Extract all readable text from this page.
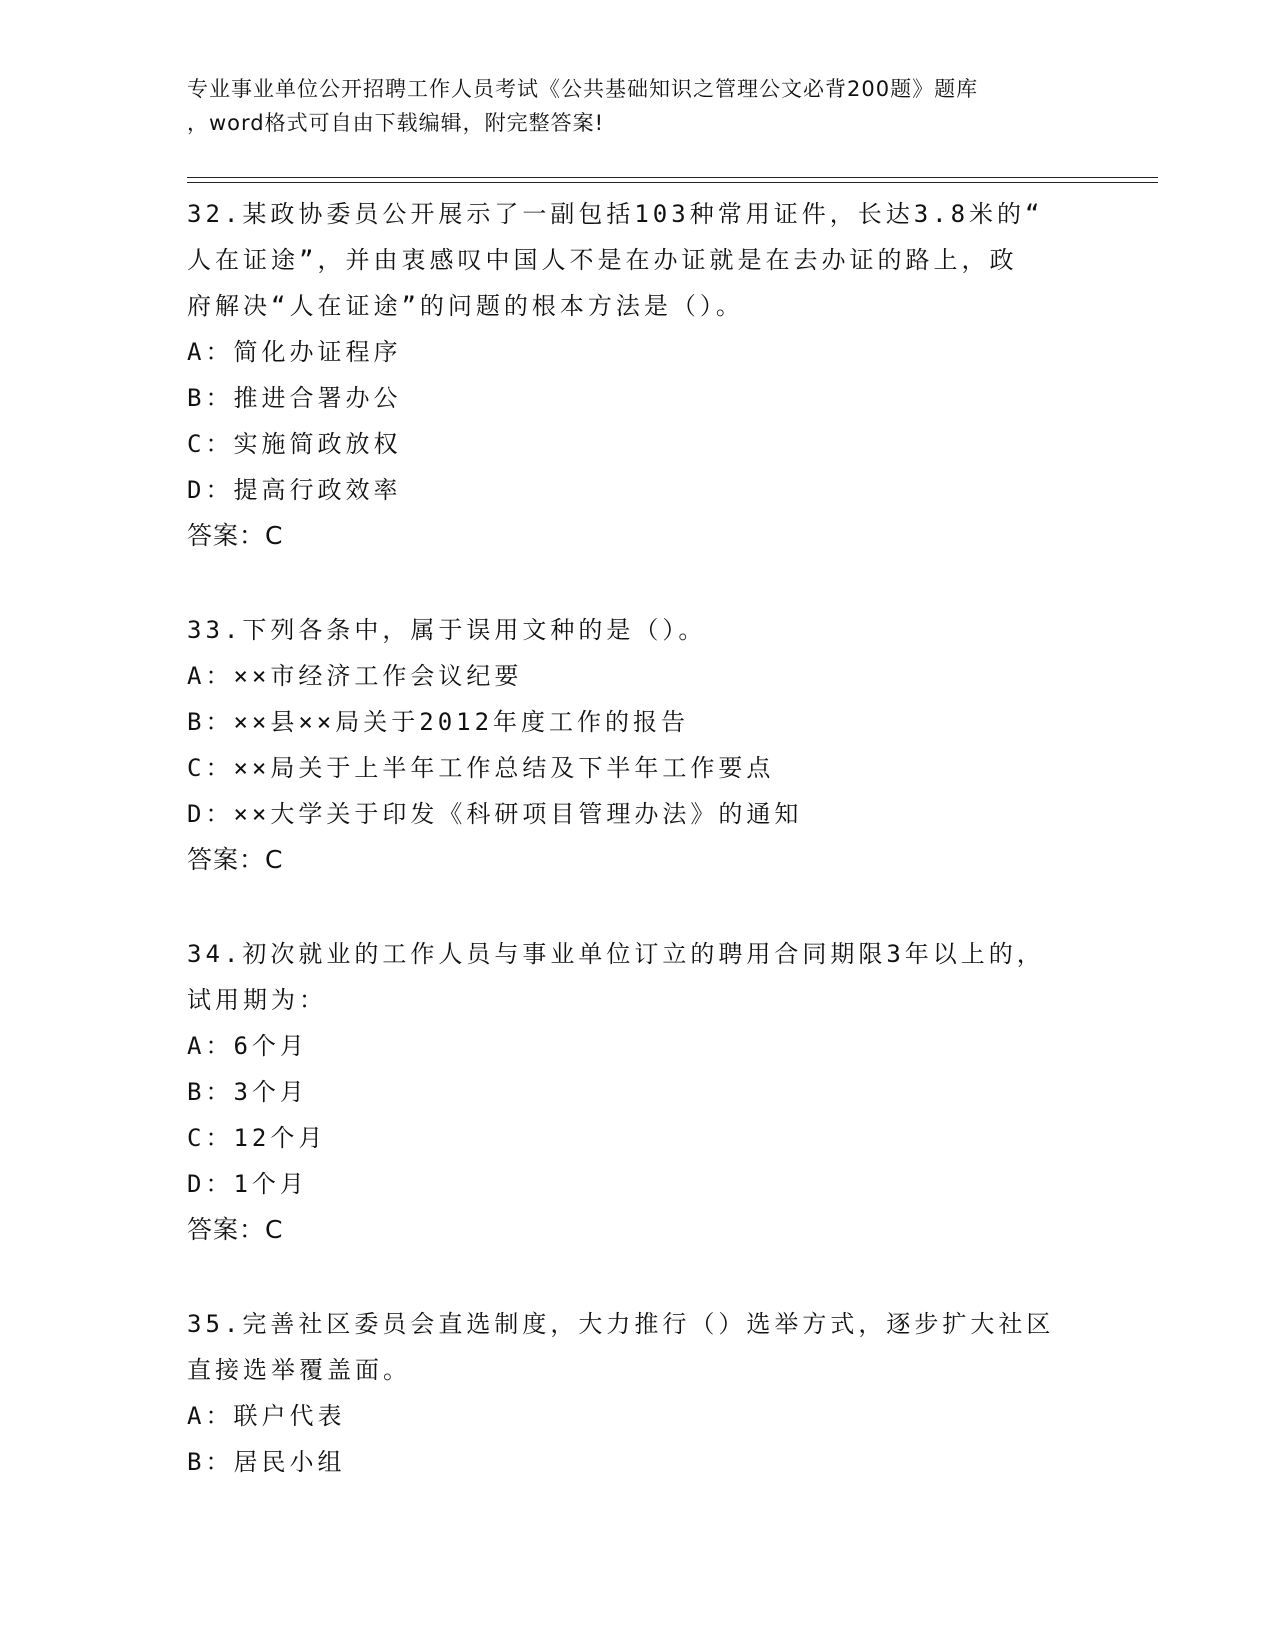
专业事业单位公开招聘工作人员考试《公共基础知识之管理公文必背200题》题库
，word格式可自由下载编辑，附完整答案!

32.某政协委员公开展示了一副包括103种常用证件，长达3.8米的“

人在证途”，并由衷感叹中国人不是在办证就是在去办证的路上，政

府解决“人在证途”的问题的根本方法是（）。

A：简化办证程序

B：推进合署办公

C：实施简政放权

D：提高行政效率

答案：C

33.下列各条中，属于误用文种的是（）。

A：××市经济工作会议纪要

B：××县××局关于2012年度工作的报告

C：××局关于上半年工作总结及下半年工作要点

D：××大学关于印发《科研项目管理办法》的通知

答案：C

34.初次就业的工作人员与事业单位订立的聘用合同期限3年以上的，

试用期为：

A：6个月

B：3个月

C：12个月

D：1个月

答案：C

35.完善社区委员会直选制度，大力推行（）选举方式，逐步扩大社区

直接选举覆盖面。

A：联户代表

B：居民小组
